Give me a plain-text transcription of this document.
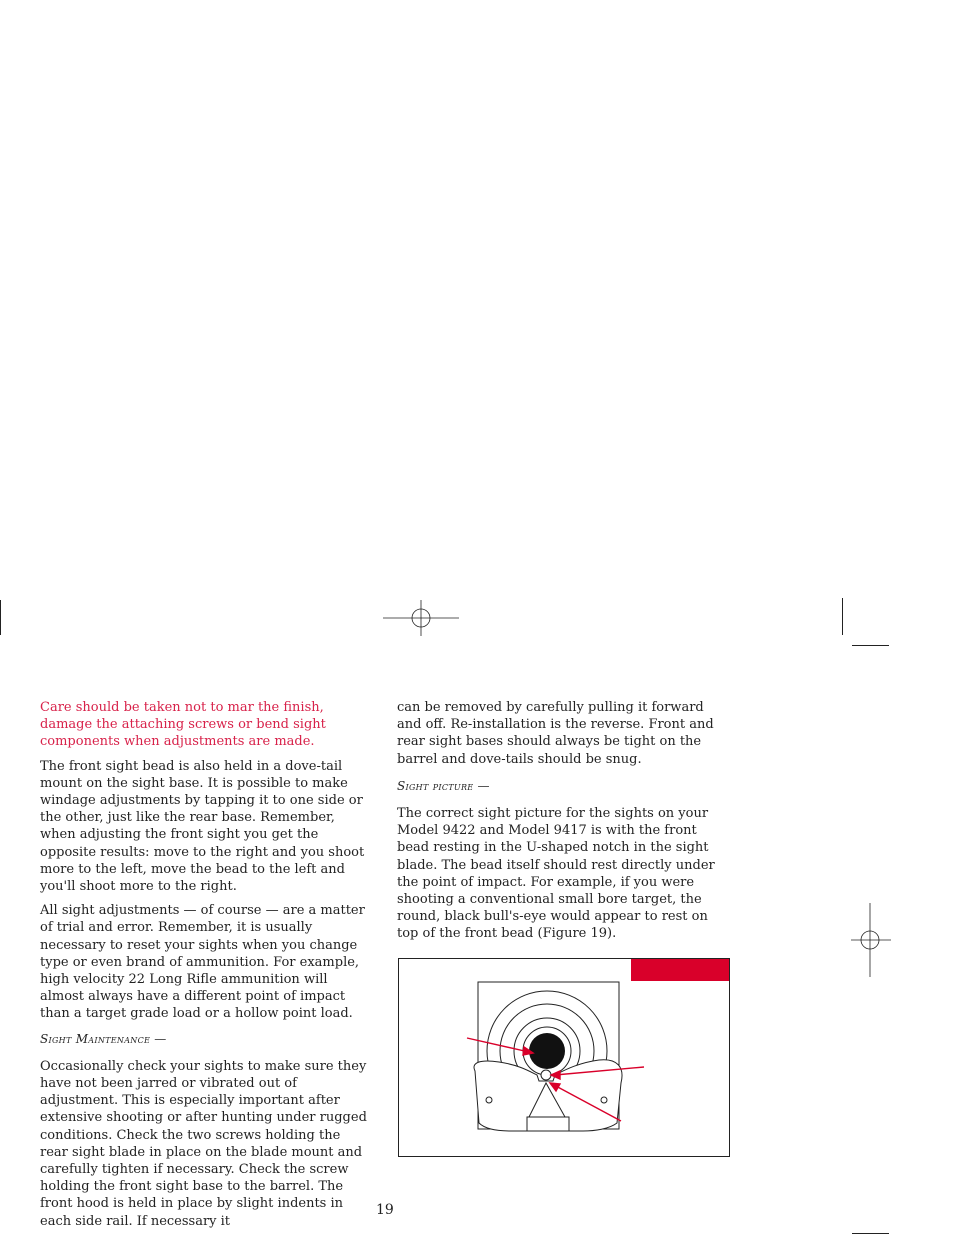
Care should be taken not to mar the finish, damage the attaching screws or bend sight components when adjustments are made.

The front sight bead is also held in a dove-tail mount on the sight base. It is possible to make windage adjustments by tapping it to one side or the other, just like the rear base. Remember, when adjusting the front sight you get the opposite results: move to the right and you shoot more to the left, move the bead to the left and you'll shoot more to the right.

All sight adjustments — of course — are a matter of trial and error. Remember, it is usually necessary to reset your sights when you change type or even brand of ammunition. For example, high velocity 22 Long Rifle ammunition will almost always have a different point of impact than a target grade load or a hollow point load.

Sight Maintenance —

Occasionally check your sights to make sure they have not been jarred or vibrated out of adjustment. This is especially important after extensive shooting or after hunting under rugged conditions. Check the two screws holding the rear sight blade in place on the blade mount and carefully tighten if necessary. Check the screw holding the front sight base to the barrel. The front hood is held in place by slight indents in each side rail. If necessary it

can be removed by carefully pulling it forward and off. Re-installation is the reverse. Front and rear sight bases should always be tight on the barrel and dove-tails should be snug.

Sight picture —

The correct sight picture for the sights on your Model 9422 and Model 9417 is with the front bead resting in the U-shaped notch in the sight blade. The bead itself should rest directly under the point of impact. For example, if you were shooting a conventional small bore target, the round, black bull's-eye would appear to rest on top of the front bead (Figure 19).

19
